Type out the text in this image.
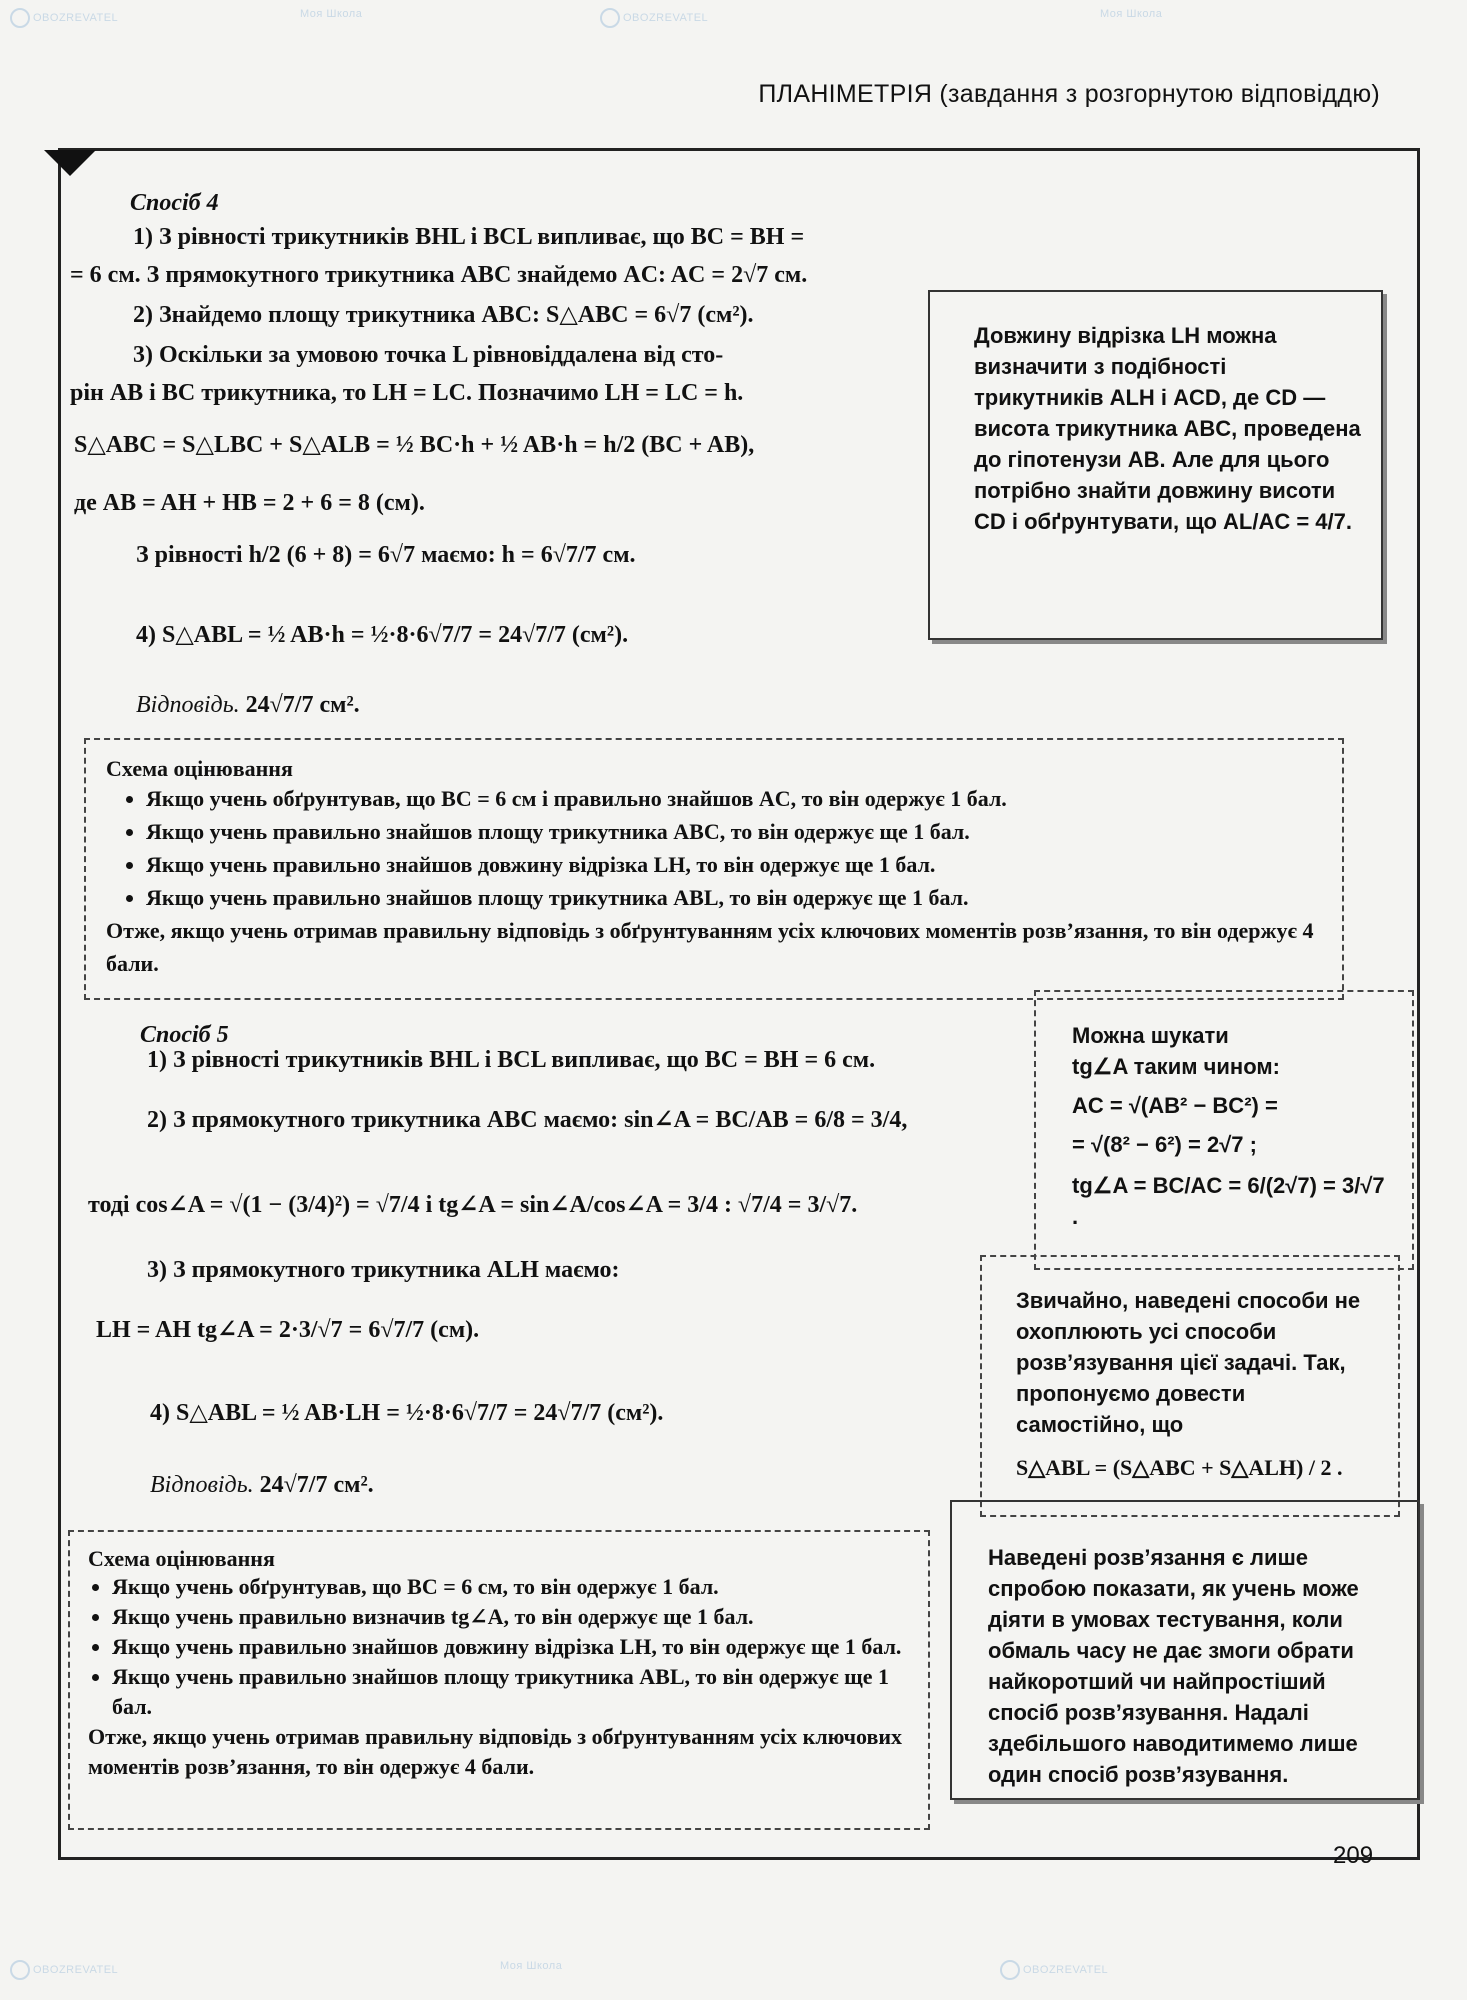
OBOZREVATEL	Моя Школа	OBOZREVATEL	Моя Школа
OBOZREVATEL	Моя Школа	OBOZREVATEL
ПЛАНІМЕТРІЯ (завдання з розгорнутою відповіддю)
Спосіб 4
1) З рівності трикутників BHL і BCL випливає, що BC = BH =
= 6 см. З прямокутного трикутника ABC знайдемо AC: AC = 2√7 см.
2) Знайдемо площу трикутника ABC: S△ABC = 6√7 (см²).
3) Оскільки за умовою точка L рівновіддалена від сто-
рін AB і BC трикутника, то LH = LC. Позначимо LH = LC = h.
S△ABC = S△LBC + S△ALB = ½ BC·h + ½ AB·h = h/2 (BC + AB),
де AB = AH + HB = 2 + 6 = 8 (см).
З рівності h/2 (6 + 8) = 6√7 маємо: h = 6√7/7 см.
4) S△ABL = ½ AB·h = ½·8·6√7/7 = 24√7/7 (см²).
Відповідь. 24√7/7 см².
Довжину відрізка LH можна визначити з подібності трикутників ALH і ACD, де CD — висота трикутника ABC, проведена до гіпотенузи AB. Але для цього потрібно знайти довжину висоти CD і обґрунтувати, що AL/AC = 4/7.
Схема оцінювання
• Якщо учень обґрунтував, що BC = 6 см і правильно знайшов AC, то він одержує 1 бал.
• Якщо учень правильно знайшов площу трикутника ABC, то він одержує ще 1 бал.
• Якщо учень правильно знайшов довжину відрізка LH, то він одержує ще 1 бал.
• Якщо учень правильно знайшов площу трикутника ABL, то він одержує ще 1 бал.
Отже, якщо учень отримав правильну відповідь з обґрунтуванням усіх ключових моментів розв’язання, то він одержує 4 бали.
Спосіб 5
1) З рівності трикутників BHL і BCL випливає, що BC = BH = 6 см.
2) З прямокутного трикутника ABC маємо: sin∠A = BC/AB = 6/8 = 3/4,
тоді cos∠A = √(1 − (3/4)²) = √7/4 і tg∠A = sin∠A/cos∠A = 3/4 : √7/4 = 3/√7.
3) З прямокутного трикутника ALH маємо:
LH = AH tg∠A = 2·3/√7 = 6√7/7 (см).
4) S△ABL = ½ AB·LH = ½·8·6√7/7 = 24√7/7 (см²).
Відповідь. 24√7/7 см².
Можна шукати
tg∠A таким чином:
AC = √(AB² − BC²) =
= √(8² − 6²) = 2√7 ;
tg∠A = BC/AC = 6/(2√7) = 3/√7 .
Звичайно, наведені способи не охоплюють усі способи розв’язування цієї задачі. Так, пропонуємо довести самостійно, що
S△ABL = (S△ABC + S△ALH) / 2 .
Схема оцінювання
• Якщо учень обґрунтував, що BC = 6 см, то він одержує 1 бал.
• Якщо учень правильно визначив tg∠A, то він одержує ще 1 бал.
• Якщо учень правильно знайшов довжину відрізка LH, то він одержує ще 1 бал.
• Якщо учень правильно знайшов площу трикутника ABL, то він одержує ще 1 бал.
Отже, якщо учень отримав правильну відповідь з обґрунтуванням усіх ключових моментів розв’язання, то він одержує 4 бали.
Наведені розв’язання є лише спробою показати, як учень може діяти в умовах тестування, коли обмаль часу не дає змоги обрати найкоротший чи найпростіший спосіб розв’язування. Надалі здебільшого наводитимемо лише один спосіб розв’язування.
209
